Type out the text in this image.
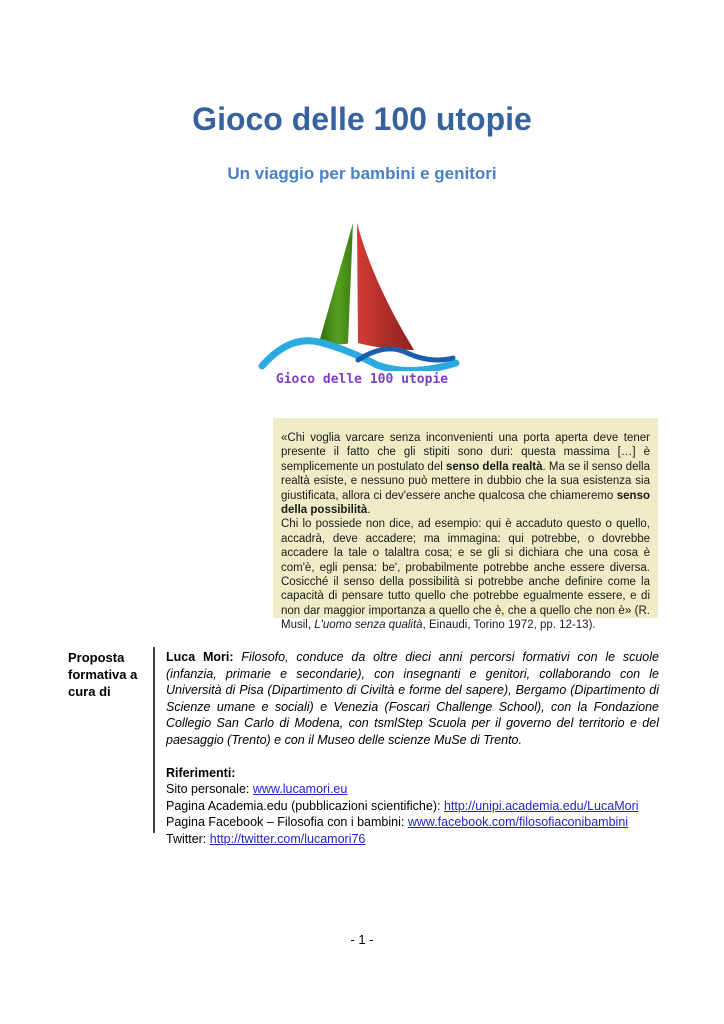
Gioco delle 100 utopie
Un viaggio per bambini e genitori
Gioco delle 100 utopie

«Chi voglia varcare senza inconvenienti una porta aperta deve tener presente il fatto che gli stipiti sono duri: questa massima […] è semplicemente un postulato del senso della realtà. Ma se il senso della realtà esiste, e nessuno può mettere in dubbio che la sua esistenza sia giustificata, allora ci dev'essere anche qualcosa che chiameremo senso della possibilità.

Chi lo possiede non dice, ad esempio: qui è accaduto questo o quello, accadrà, deve accadere; ma immagina: qui potrebbe, o dovrebbe accadere la tale o talaltra cosa; e se gli si dichiara che una cosa è com'è, egli pensa: be', probabilmente potrebbe anche essere diversa. Cosicché il senso della possibilità si potrebbe anche definire come la capacità di pensare tutto quello che potrebbe egualmente essere, e di non dar maggior importanza a quello che è, che a quello che non è» (R. Musil, L'uomo senza qualità, Einaudi, Torino 1972, pp. 12-13).

Proposta formativa a cura di

Luca Mori: Filosofo, conduce da oltre dieci anni percorsi formativi con le scuole (infanzia, primarie e secondarie), con insegnanti e genitori, collaborando con le Università di Pisa (Dipartimento di Civiltà e forme del sapere), Bergamo (Dipartimento di Scienze umane e sociali) e Venezia (Foscari Challenge School), con la Fondazione Collegio San Carlo di Modena, con tsmlStep Scuola per il governo del territorio e del paesaggio (Trento) e con il Museo delle scienze MuSe di Trento.

Riferimenti:
Sito personale: www.lucamori.eu
Pagina Academia.edu (pubblicazioni scientifiche): http://unipi.academia.edu/LucaMori
Pagina Facebook – Filosofia con i bambini: www.facebook.com/filosofiaconibambini
Twitter: http://twitter.com/lucamori76
- 1 -
